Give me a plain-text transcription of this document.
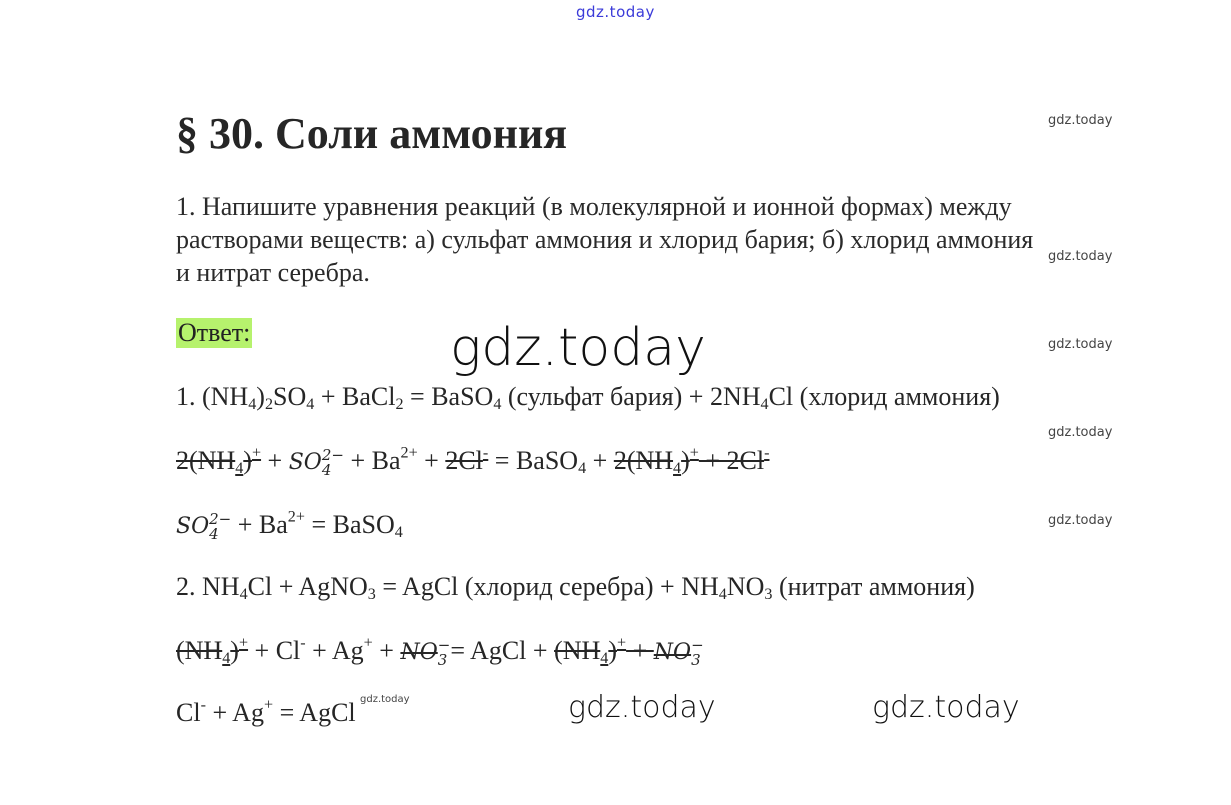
gdz.today
gdz.today
gdz.today
gdz.today
gdz.today
gdz.today
gdz.today
gdz.today	gdz.today
gdz.today
§ 30. Соли аммония
1. Напишите уравнения реакций (в молекулярной и ионной формах) между
растворами веществ: а) сульфат аммония и хлорид бария; б) хлорид аммония
и нитрат серебра.
Ответ:
1. $(NH_4)_2SO_4$ + BaCl$_2$ = BaSO$_4$ (сульфат бария) + $2NH_4Cl$ (хлорид аммония)
$2(NH_4)^+$ + SO 2−
$4 + Ba^{2+} + 2Cl^-$ = BaSO$_4$ + $2(NH_4)^+ + 2Cl^-$
SO 2−
$4 + Ba^{2+}$ = BaSO$_4$
2. $NH_4Cl$ + AgNO$_3$ = AgCl (хлорид серебра) + $NH_4NO_3$ (нитрат аммония)
$(NH_4)^+ + Cl^- + Ag^+$ + NO −
3 = AgCl + $(NH_4)^+$ + NO −
3
Cl- + Ag+ = AgCl
